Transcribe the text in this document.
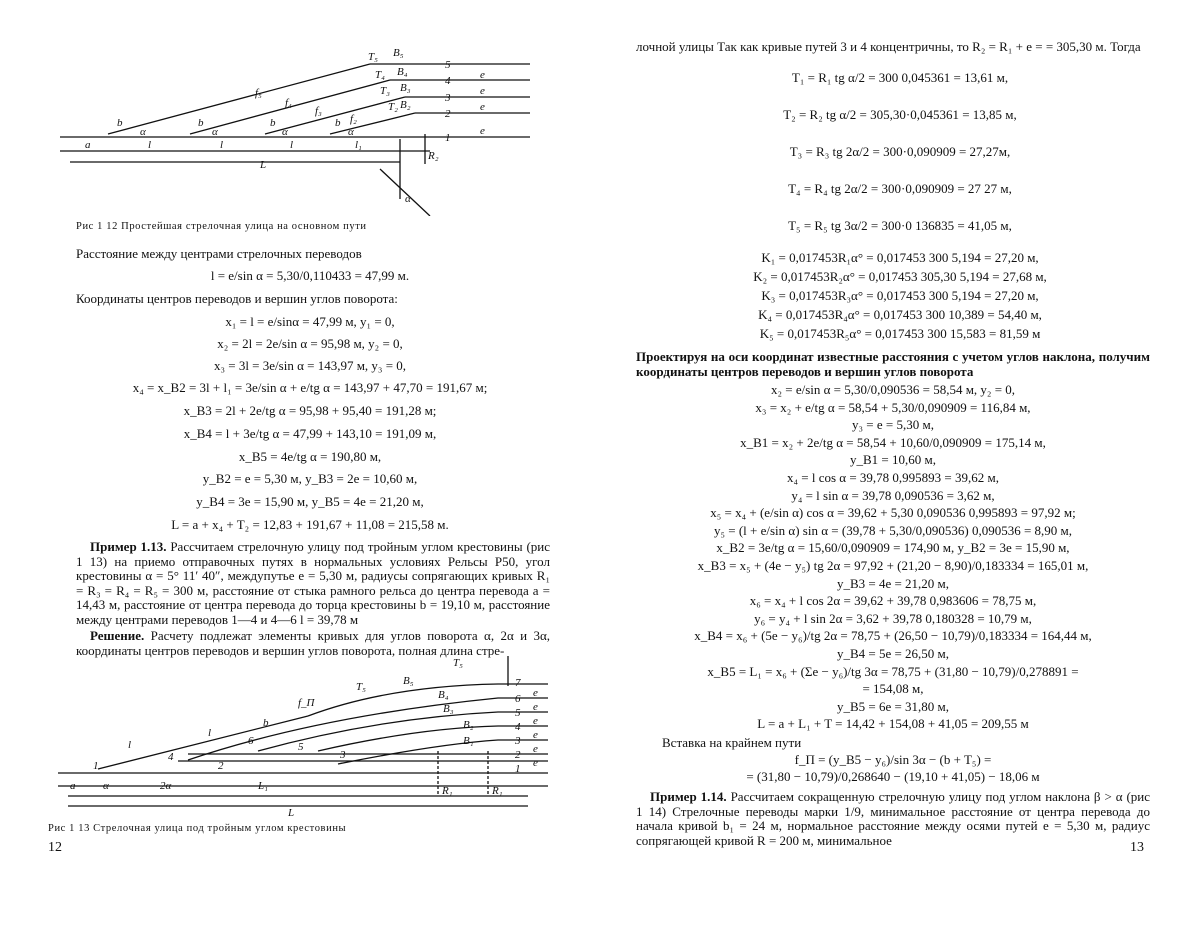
a
b	b	b	b
α	α	α	α
l	l	l	l₁
L
f₅
f₄
f₃
f₂
T₅
T₄
T₃
T₂
B₅
B₄
B₃
B₂
R₂
α
e
e
e
e
5
4
3
2
1
Рис 1 12 Простейшая стрелочная улица на основном пути
Расстояние между центрами стрелочных переводов
l = e/sin α = 5,30/0,110433 = 47,99 м.
Координаты центров переводов и вершин углов поворота:
x₁ = l = e/sinα = 47,99 м, y₁ = 0,
x₂ = 2l = 2e/sin α = 95,98 м, y₂ = 0,
x₃ = 3l = 3e/sin α = 143,97 м, y₃ = 0,
x₄ = x_B2 = 3l + l₁ = 3e/sin α + e/tg α = 143,97 + 47,70 = 191,67 м;
x_B3 = 2l + 2e/tg α = 95,98 + 95,40 = 191,28 м;
x_B4 = l + 3e/tg α = 47,99 + 143,10 = 191,09 м,
x_B5 = 4e/tg α = 190,80 м,
y_B2 = e = 5,30 м, y_B3 = 2e = 10,60 м,
y_B4 = 3e = 15,90 м, y_B5 = 4e = 21,20 м,
L = a + x₄ + T₂ = 12,83 + 191,67 + 11,08 = 215,58 м.
Пример 1.13. Рассчитаем стрелочную улицу под тройным углом крестовины (рис 1 13) на приемо отправочных путях в нормальных условиях Рельсы Р50, угол крестовины α = 5° 11′ 40″, междупутье e = 5,30 м, радиусы сопрягающих кривых R₁ = R₃ = R₄ = R₅ = 300 м, расстояние от стыка рамного рельса до центра перевода a = 14,43 м, расстояние от центра перевода до торца крестовины b = 19,10 м, расстояние между центрами переводов 1—4 и 4—6 l = 39,78 м
Решение. Расчету подлежат элементы кривых для углов поворота α, 2α и 3α, координаты центров переводов и вершин углов поворота, полная длина стре-
a	α	2α	L₁
L
l
l
b
f_П
T₅
T₅
B₅
B₄
B₃
B₂
B₁
R₁	R₁
1	2
3
4
5
6
7
6
5
4
3
2
1
e
e
e
e
e
e
Рис 1 13 Стрелочная улица под тройным углом крестовины
12
лочной улицы Так как кривые путей 3 и 4 концентричны, то R₂ = R₁ + e = = 305,30 м. Тогда
T₁ = R₁ tg α/2 = 300 0,045361 = 13,61 м,
T₂ = R₂ tg α/2 = 305,30·0,045361 = 13,85 м,
T₃ = R₃ tg 2α/2 = 300·0,090909 = 27,27м,
T₄ = R₄ tg 2α/2 = 300·0,090909 = 27 27 м,
T₅ = R₅ tg 3α/2 = 300·0 136835 = 41,05 м,
K₁ = 0,017453R₁α° = 0,017453 300 5,194 = 27,20 м,
K₂ = 0,017453R₂α° = 0,017453 305,30 5,194 = 27,68 м,
K₃ = 0,017453R₃α° = 0,017453 300 5,194 = 27,20 м,
K₄ = 0,017453R₄α° = 0,017453 300 10,389 = 54,40 м,
K₅ = 0,017453R₅α° = 0,017453 300 15,583 = 81,59 м
Проектируя на оси координат известные расстояния с учетом углов наклона, получим координаты центров переводов и вершин углов поворота
x₂ = e/sin α = 5,30/0,090536 = 58,54 м, y₂ = 0,
x₃ = x₂ + e/tg α = 58,54 + 5,30/0,090909 = 116,84 м,
y₃ = e = 5,30 м,
x_B1 = x₂ + 2e/tg α = 58,54 + 10,60/0,090909 = 175,14 м,
y_B1 = 10,60 м,
x₄ = l cos α = 39,78 0,995893 = 39,62 м,
y₄ = l sin α = 39,78 0,090536 = 3,62 м,
x₅ = x₄ + (e/sin α) cos α = 39,62 + 5,30 0,090536 0,995893 = 97,92 м;
y₅ = (l + e/sin α) sin α = (39,78 + 5,30/0,090536) 0,090536 = 8,90 м,
x_B2 = 3e/tg α = 15,60/0,090909 = 174,90 м, y_B2 = 3e = 15,90 м,
x_B3 = x₅ + (4e − y₅) tg 2α = 97,92 + (21,20 − 8,90)/0,183334 = 165,01 м,
y_B3 = 4e = 21,20 м,
x₆ = x₄ + l cos 2α = 39,62 + 39,78 0,983606 = 78,75 м,
y₆ = y₄ + l sin 2α = 3,62 + 39,78 0,180328 = 10,79 м,
x_B4 = x₆ + (5e − y₆)/tg 2α = 78,75 + (26,50 − 10,79)/0,183334 = 164,44 м,
y_B4 = 5e = 26,50 м,
x_B5 = L₁ = x₆ + (Σe − y₆)/tg 3α = 78,75 + (31,80 − 10,79)/0,278891 =
= 154,08 м,
y_B5 = 6e = 31,80 м,
L = a + L₁ + T = 14,42 + 154,08 + 41,05 = 209,55 м
Вставка на крайнем пути
f_П = (y_B5 − y₆)/sin 3α − (b + T₅) =
= (31,80 − 10,79)/0,268640 − (19,10 + 41,05) − 18,06 м
Пример 1.14. Рассчитаем сокращенную стрелочную улицу под углом наклона β > α (рис 1 14) Стрелочные переводы марки 1/9, минимальное расстояние от центра перевода до начала кривой b₁ = 24 м, нормальное расстояние между осями путей e = 5,30 м, радиус сопрягающей кривой R = 200 м, минимальное	13
